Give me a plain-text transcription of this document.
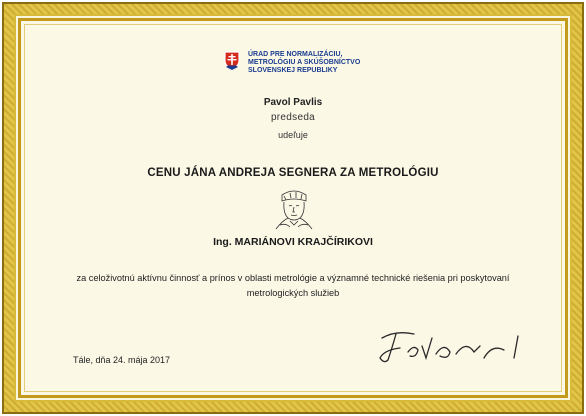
ÚRAD PRE NORMALIZÁCIU,
METROLÓGIU A SKÚŠOBNÍCTVO
SLOVENSKEJ REPUBLIKY
Pavol Pavlis
predseda
udeľuje
CENU JÁNA ANDREJA SEGNERA ZA METROLÓGIU
Ing. MARIÁNOVI KRAJČÍRIKOVI
za celoživotnú aktívnu činnosť a prínos v oblasti metrológie a významné technické riešenia pri poskytovaní
metrologických služieb
Tále, dňa 24. mája 2017
